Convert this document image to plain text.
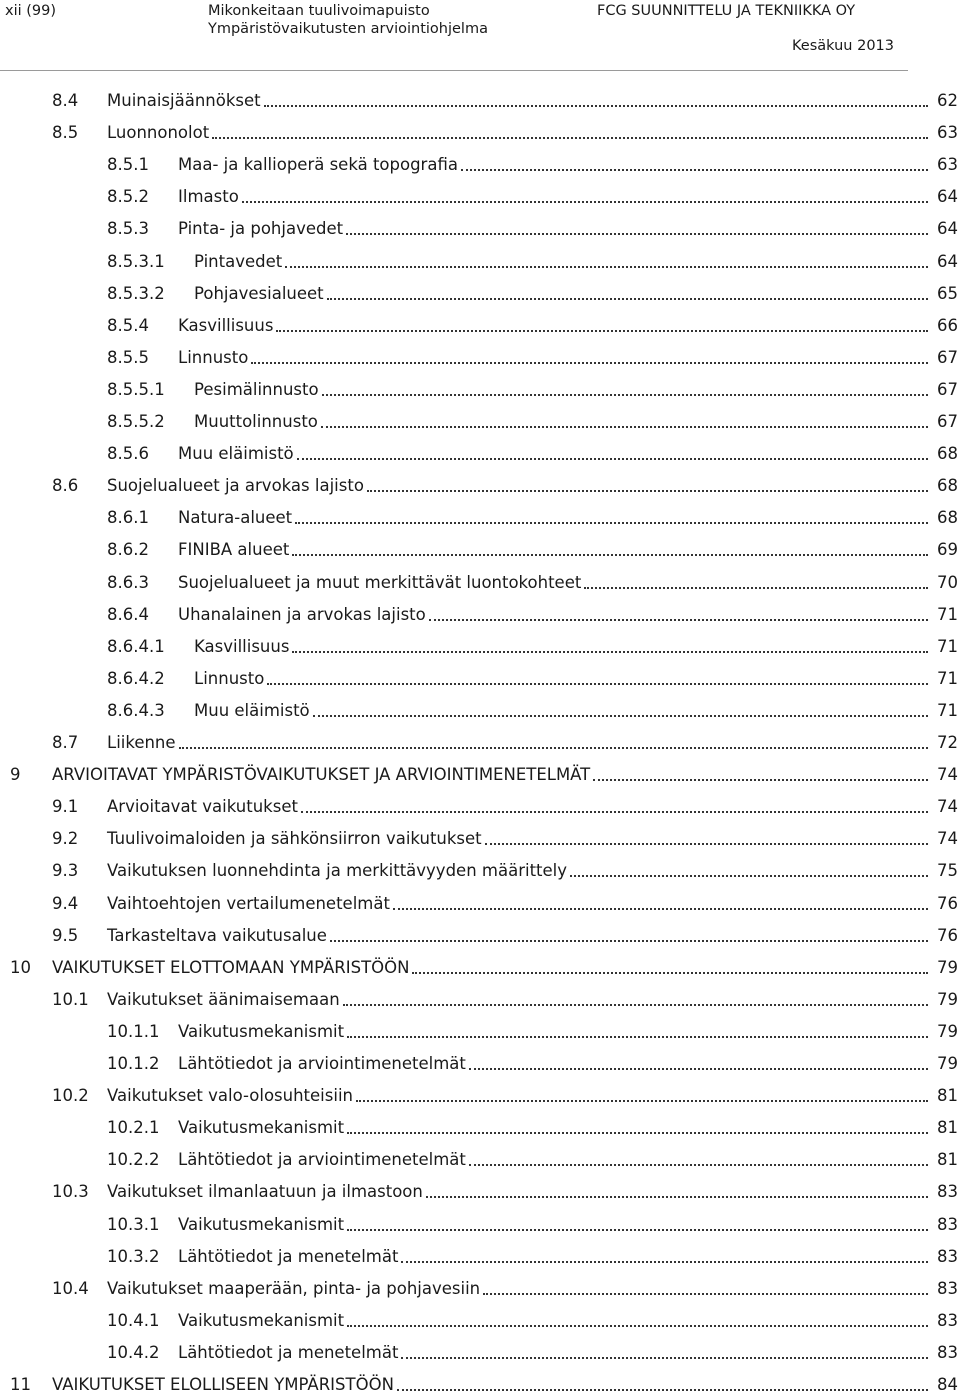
xii (99)	Mikonkeitaan tuulivoimapuisto
Ympäristövaikutusten arviointiohjelma
FCG SUUNNITTELU JA TEKNIIKKA OY
Kesäkuu 2013
8.4 Muinaisjäännökset	62
8.5 Luonnonolot	63
8.5.1 Maa- ja kallioperä sekä topografia	63
8.5.2 Ilmasto	64
8.5.3 Pinta- ja pohjavedet	64
8.5.3.1 Pintavedet	64
8.5.3.2 Pohjavesialueet	65
8.5.4 Kasvillisuus	66
8.5.5 Linnusto	67
8.5.5.1 Pesimälinnusto	67
8.5.5.2 Muuttolinnusto	67
8.5.6 Muu eläimistö	68
8.6 Suojelualueet ja arvokas lajisto	68
8.6.1 Natura-alueet	68
8.6.2 FINIBA alueet	69
8.6.3 Suojelualueet ja muut merkittävät luontokohteet	70
8.6.4 Uhanalainen ja arvokas lajisto	71
8.6.4.1 Kasvillisuus	71
8.6.4.2 Linnusto	71
8.6.4.3 Muu eläimistö	71
8.7 Liikenne	72
9 ARVIOITAVAT YMPÄRISTÖVAIKUTUKSET JA ARVIOINTIMENETELMÄT	74
9.1 Arvioitavat vaikutukset	74
9.2 Tuulivoimaloiden ja sähkönsiirron vaikutukset	74
9.3 Vaikutuksen luonnehdinta ja merkittävyyden määrittely	75
9.4 Vaihtoehtojen vertailumenetelmät	76
9.5 Tarkasteltava vaikutusalue	76
10 VAIKUTUKSET ELOTTOMAAN YMPÄRISTÖÖN	79
10.1 Vaikutukset äänimaisemaan	79
10.1.1 Vaikutusmekanismit	79
10.1.2 Lähtötiedot ja arviointimenetelmät	79
10.2 Vaikutukset valo-olosuhteisiin	81
10.2.1 Vaikutusmekanismit	81
10.2.2 Lähtötiedot ja arviointimenetelmät	81
10.3 Vaikutukset ilmanlaatuun ja ilmastoon	83
10.3.1 Vaikutusmekanismit	83
10.3.2 Lähtötiedot ja menetelmät	83
10.4 Vaikutukset maaperään, pinta- ja pohjavesiin	83
10.4.1 Vaikutusmekanismit	83
10.4.2 Lähtötiedot ja menetelmät	83
11 VAIKUTUKSET ELOLLISEEN YMPÄRISTÖÖN	84
